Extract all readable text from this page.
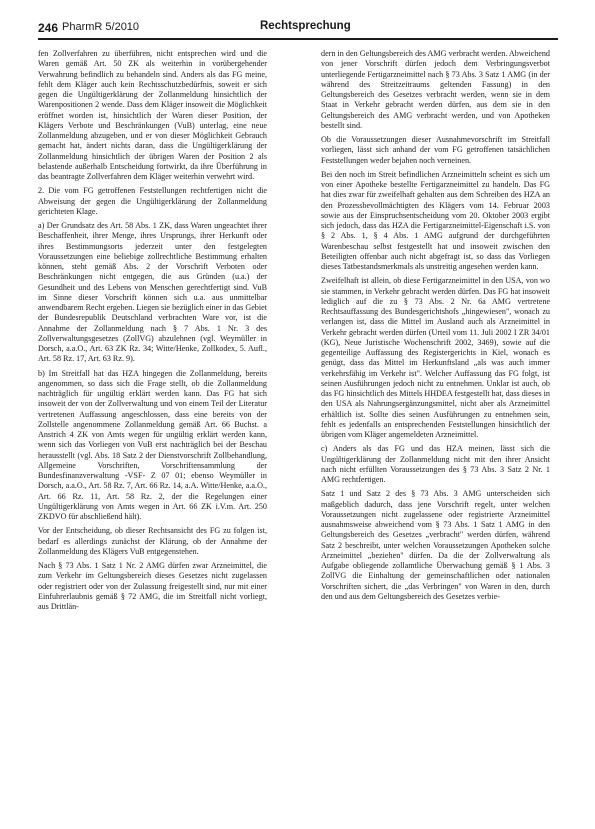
246 PharmR 5/2010	Rechtsprechung

fen Zollverfahren zu überführen, nicht entsprechen wird und die Waren gemäß Art. 50 ZK als weiterhin in vorübergehender Verwahrung befindlich zu behandeln sind. Anders als das FG meine, fehlt dem Kläger auch kein Rechtsschutzbedürfnis, soweit er sich gegen die Ungültigerklärung der Zollanmeldung hinsichtlich der Warenpositionen 2 wende. Dass dem Kläger insoweit die Möglichkeit eröffnet worden ist, hinsichtlich der Waren dieser Position, der Klägers Verbote und Beschränkungen (VuB) unterlag, eine neue Zollanmeldung abzugeben, und er von dieser Möglichkeit Gebrauch gemacht hat, ändert nichts daran, dass die Ungültigerklärung der Zollanmeldung hinsichtlich der übrigen Waren der Position 2 als belastende außerhalb Entscheidung fortwirkt, da ihre Überführung in das beantragte Zollverfahren dem Kläger weiterhin verwehrt wird.

2. Die vom FG getroffenen Feststellungen rechtfertigen nicht die Abweisung der gegen die Ungültigerklärung der Zollanmeldung gerichteten Klage.

a) Der Grundsatz des Art. 58 Abs. 1 ZK, dass Waren ungeachtet ihrer Beschaffenheit, ihrer Menge, ihres Ursprungs, ihrer Herkunft oder ihres Bestimmungsorts jederzeit unter den festgelegten Voraussetzungen eine beliebige zollrechtliche Bestimmung erhalten können, steht gemäß Abs. 2 der Vorschrift Verboten oder Beschränkungen nicht entgegen, die aus Gründen (u.a.) der Gesundheit und des Lebens von Menschen gerechtfertigt sind. VuB im Sinne dieser Vorschrift können sich u.a. aus unmittelbar anwendbarem Recht ergeben. Liegen sie bezüglich einer in das Gebiet der Bundesrepublik Deutschland verbrachten Ware vor, ist die Annahme der Zollanmeldung nach § 7 Abs. 1 Nr. 3 des Zollverwaltungsgesetzes (ZollVG) abzulehnen (vgl. Weymüller in Dorsch, a.a.O., Art. 63 ZK Rz. 34; Witte/Henke, Zollkodex, 5. Aufl., Art. 58 Rz. 17, Art. 63 Rz. 9).

b) Im Streitfall hat das HZA hingegen die Zollanmeldung, bereits angenommen, so dass sich die Frage stellt, ob die Zollanmeldung nachträglich für ungültig erklärt werden kann. Das FG hat sich insoweit der von der Zollverwaltung und von einem Teil der Literatur vertretenen Auffassung angeschlossen, dass eine bereits von der Zollstelle angenommene Zollanmeldung gemäß Art. 66 Buchst. a Anstrich 4 ZK von Amts wegen für ungültig erklärt werden kann, wenn sich das Vorliegen von VuB erst nachträglich bei der Beschau herausstellt (vgl. Abs. 18 Satz 2 der Dienstvorschrift Zollbehandlung, Allgemeine Vorschriften, Vorschriftensammlung der Bundesfinanzverwaltung -VSF- Z 07 01; ebenso Weymüller in Dorsch, a.a.O., Art. 58 Rz. 7, Art. 66 Rz. 14, a.A. Witte/Henke, a.a.O., Art. 66 Rz. 11, Art. 58 Rz. 2, der die Regelungen einer Ungültigerklärung von Amts wegen in Art. 66 ZK i.V.m. Art. 250 ZKDVO für abschließend hält).

Vor der Entscheidung, ob dieser Rechtsansicht des FG zu folgen ist, bedarf es allerdings zunächst der Klärung, ob der Annahme der Zollanmeldung des Klägers VuB entgegenstehen.

Nach § 73 Abs. 1 Satz 1 Nr. 2 AMG dürfen zwar Arzneimittel, die zum Verkehr im Geltungsbereich dieses Gesetzes nicht zugelassen oder registriert oder von der Zulassung freigestellt sind, nur mit einer Einfuhrerlaubnis gemäß § 72 AMG, die im Streitfall nicht vorliegt, aus Drittlän-

dern in den Geltungsbereich des AMG verbracht werden. Abweichend von jener Vorschrift dürfen jedoch dem Verbringungsverbot unterliegende Fertigarzneimittel nach § 73 Abs. 3 Satz 1 AMG (in der während des Streitzeitraums geltenden Fassung) in den Geltungsbereich des Gesetzes verbracht werden, wenn sie in dem Staat in Verkehr gebracht werden dürfen, aus dem sie in den Geltungsbereich des AMG verbracht werden, und von Apotheken bestellt sind.

Ob die Voraussetzungen dieser Ausnahmevorschrift im Streitfall vorliegen, lässt sich anhand der vom FG getroffenen tatsächlichen Feststellungen weder bejahen noch verneinen.

Bei den noch im Streit befindlichen Arzneimitteln scheint es sich um von einer Apotheke bestellte Fertigarzneimittel zu handeln. Das FG hat dies zwar für zweifelhaft gehalten aus dem Schreiben des HZA an den Prozessbevollmächtigten des Klägers vom 14. Februar 2003 sowie aus der Einspruchsentscheidung vom 20. Oktober 2003 ergibt sich jedoch, dass das HZA die Fertigarzneimittel-Eigenschaft i.S. von § 2 Abs. 1, § 4 Abs. 1 AMG aufgrund der durchgeführten Warenbeschau selbst festgestellt hat und insoweit zwischen den Beteiligten offenbar auch nicht abgefragt ist, so dass das Vorliegen dieses Tatbestandsmerkmals als unstreitig angesehen werden kann.

Zweifelhaft ist allein, ob diese Fertigarzneimittel in den USA, von wo sie stammen, in Verkehr gebracht werden dürfen. Das FG hat insoweit lediglich auf die zu § 73 Abs. 2 Nr. 6a AMG vertretene Rechtsauffassung des Bundesgerichtshofs „hingewiesen", wonach zu verlangen ist, dass die Mittel im Ausland auch als Arzneimittel in Verkehr gebracht werden dürfen (Urteil vom 11. Juli 2002 I ZR 34/01 (KG), Neue Juristische Wochenschrift 2002, 3469), sowie auf die gegenteilige Auffassung des Registergerichts in Kiel, wonach es genügt, dass das Mittel im Herkunftsland „als was auch immer verkehrsfähig im Verkehr ist". Welcher Auffassung das FG folgt, ist seinen Ausführungen jedoch nicht zu entnehmen. Unklar ist auch, ob das FG hinsichtlich des Mittels HHDEA festgestellt hat, dass dieses in den USA als Nahrungsergänzungsmittel, nicht aber als Arzneimittel erhältlich ist. Sollte dies seinen Ausführungen zu entnehmen sein, fehlt es jedenfalls an entsprechenden Feststellungen hinsichtlich der übrigen vom Kläger angemeldeten Arzneimittel.

c) Anders als das FG und das HZA meinen, lässt sich die Ungültigerklärung der Zollanmeldung nicht mit den ihrer Ansicht nach nicht erfüllten Voraussetzungen des § 73 Abs. 3 Satz 2 Nr. 1 AMG rechtfertigen.

Satz 1 und Satz 2 des § 73 Abs. 3 AMG unterscheiden sich maßgeblich dadurch, dass jene Vorschrift regelt, unter welchen Voraussetzungen nicht zugelassene oder registrierte Arzneimittel ausnahmsweise abweichend vom § 73 Abs. 1 Satz 1 AMG in den Geltungsbereich des Gesetzes „verbracht" werden dürfen, während Satz 2 beschreibt, unter welchen Voraussetzungen Apotheken solche Arzneimittel „beziehen" dürfen. Da die der Zollverwaltung als Aufgabe obliegende zollamtliche Überwachung gemäß § 1 Abs. 3 ZollVG die Einhaltung der gemeinschaftlichen oder nationalen Vorschriften sichert, die „das Verbringen" von Waren in den, durch den und aus dem Geltungsbereich des Gesetzes verbie-
